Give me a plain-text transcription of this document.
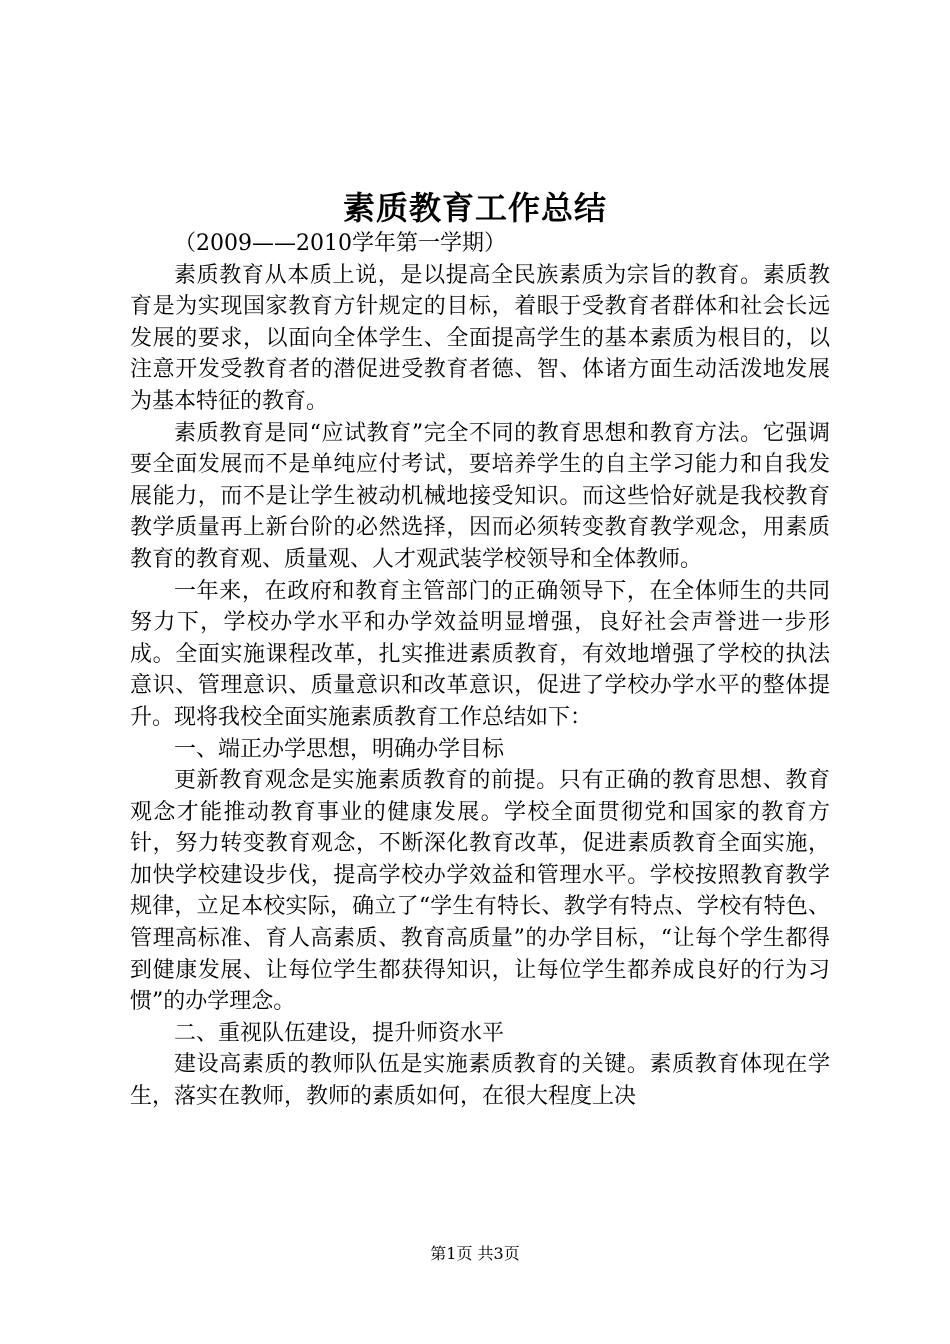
素质教育工作总结

（2009——2010学年第一学期）

素质教育从本质上说，是以提高全民族素质为宗旨的教育。素质教育是为实现国家教育方针规定的目标，着眼于受教育者群体和社会长远发展的要求，以面向全体学生、全面提高学生的基本素质为根目的，以注意开发受教育者的潜促进受教育者德、智、体诸方面生动活泼地发展为基本特征的教育。

素质教育是同“应试教育”完全不同的教育思想和教育方法。它强调要全面发展而不是单纯应付考试，要培养学生的自主学习能力和自我发展能力，而不是让学生被动机械地接受知识。而这些恰好就是我校教育教学质量再上新台阶的必然选择，因而必须转变教育教学观念，用素质教育的教育观、质量观、人才观武装学校领导和全体教师。

一年来，在政府和教育主管部门的正确领导下，在全体师生的共同努力下，学校办学水平和办学效益明显增强，良好社会声誉进一步形成。全面实施课程改革，扎实推进素质教育，有效地增强了学校的执法意识、管理意识、质量意识和改革意识，促进了学校办学水平的整体提升。现将我校全面实施素质教育工作总结如下：

一、端正办学思想，明确办学目标

更新教育观念是实施素质教育的前提。只有正确的教育思想、教育观念才能推动教育事业的健康发展。学校全面贯彻党和国家的教育方针，努力转变教育观念，不断深化教育改革，促进素质教育全面实施，加快学校建设步伐，提高学校办学效益和管理水平。学校按照教育教学规律，立足本校实际，确立了“学生有特长、教学有特点、学校有特色、管理高标准、育人高素质、教育高质量”的办学目标，“让每个学生都得到健康发展、让每位学生都获得知识，让每位学生都养成良好的行为习惯”的办学理念。

二、重视队伍建设，提升师资水平

建设高素质的教师队伍是实施素质教育的关键。素质教育体现在学生，落实在教师，教师的素质如何，在很大程度上决

第1页 共3页
